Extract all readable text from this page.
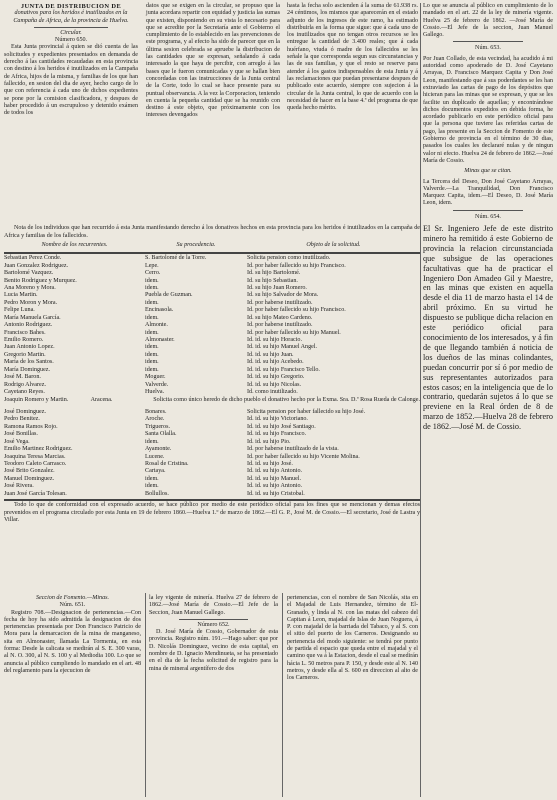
JUNTA DE DISTRIBUCION DE
donativos para los heridos é inutilizados en la Campaña de Africa, de la provincia de Huelva.
Circular.
Número 650.

Esta Junta provincial á quien se dió cuenta de las solicitudes y expedientes presentados en demanda de derecho á las cantidades recaudadas en esta provincia con destino á los heridos é inutilizados en la Campaña de Africa, hijos de la misma, y familias de los que han fallecido, en sesion del dia de ayer, hecho cargo de lo que con referencia á cada uno de dichos expedientes se pone por la comision clasificadora, y despues de haber procedido á un escrupuloso y detenido exámen de todos los

datos que se exigen en la circular, se propuso que la junta acordara repartir con equidad y justicia las sumas que existen, disponiendo en su vista lo necesario para que se acredite por la Secretaría ante el Gobierno el cumplimiento de lo establecido en las prevenciones de este programa, y al efecto ha sido de parecer que en la última sesion celebrada se apruebe la distribucion de las cantidades que se expresan, señalando á cada interesado la que haya de percibir, con arreglo á las bases que le fueron comunicadas y que se hallan bien concordadas con las instrucciones de la Junta central de la Corte, todo lo cual se hace presente para su puntual observancia. A la vez la Corporacion, teniendo en cuenta la pequeña cantidad que se ha reunido con destino á este objeto, que próximamente con los intereses devengados

hasta la fecha solo ascienden á la suma de 61.938 rs. 24 céntimos, los mismos que aparecerán en el estado adjunto de los ingresos de este ramo, ha estimado distribuirla en la forma que sigue: que á cada uno de los inutilizados que no tengan otros recursos se les entregue la cantidad de 3.400 reales; que á cada huérfano, viuda ó madre de los fallecidos se les señale la que corresponda segun sus circunstancias y las de sus familias, y que el resto se reserve para atender á los gastos indispensables de esta Junta y á las reclamaciones que puedan presentarse despues de publicado este acuerdo, siempre con sujecion á la circular de la Junta central, lo que de acuerdo con la necesidad de hacer en la base 4.ª del programa de que queda hecho mérito.

Nota de los individuos que han recurrido á esta Junta manifestando derecho á los donativos hechos en esta provincia para los heridos é inutilizados en la campaña de Africa y familias de los fallecidos.

Nombre de los recurrentes.	Su procedencia.	Objeto de la solicitud.
Sebastian Perez Conde.	S. Bartolomé de la Torre.	Solicita pension como inutilizado.
Juan Gonzalez Rodriguez.	Lepe.	Id. por haber fallecido su hijo Francisco.
Bartolomé Vazquez.	Cerro.	Id. su hijo Bartolomé.
Benito Rodriguez y Murquez.	idem.	Id. su hijo Sebastian.
Ana Moreno y Mora.	idem.	Id. su hijo Juan Romero.
Lucia Martin.	Puebla de Guzman.	Id. su hijo Salvador de Mora.
Pedro Moron y Mora.	idem.	Id. por haberse inutilizado.
Felipe Luna.	Encinasola.	Id. por haber fallecido su hijo Francisco.
María Manuela García.	idem.	Id. su hijo Mateo Cardeno.
Antonio Rodriguez.	Almonte.	Id. por haberse inutilizado.
Francisco Bahes.	idem.	Id. por haber fallecido su hijo Manuel.
Emilio Romero.	Almonaster.	Id. id. su hijo Horacio.
Juan Antonio Lopez.	idem.	Id. id. su hijo Manuel Angel.
Gregorio Martin.	idem.	Id. id. su hijo Juan.
María de los Santos.	idem.	Id. id. su hijo Acebedo.
María Dominguez.	idem.	Id. id. su hijo Francisco Tello.
José M. Baron.	Moguer.	Id. id. su hijo Gregorio.
Rodrigo Alvarez.	Valverde.	Id. id. su hijo Nicolas.
Cayetano Reyes.	Huelva.	Id. como inutilizado.
Joaquin Romero y Martin.	Aracena.	Solicita como único heredo de dicho pueblo el donativo hecho por la Exma. Sra. D.ª Rosa Rueda de Calonge.
José Dominguez.	Bonares.	Solicita pension por haber fallecido su hijo José.
Pedro Benitez.	Aroche.	Id. id. su hijo Victoriano.
Ramona Ramos Rojo.	Trigueros.	Id. id. su hijo José Santiago.
José Bonillas.	Santa Olalla.	Id. id. su hijo Francisco.
José Vega.	idem.	Id. id. su hijo Pio.
Emilio Martinez Rodriguez.	Ayamonte.	Id. por haberse inutilizado de la vista.
Joaquina Teresa Marcias.	Lucene.	Id. por haber fallecido su hijo Vicente Molina.
Teodoro Caleto Carrasco.	Rosal de Cristina.	Id. id. su hijo José.
José Brito Gonzalez.	Cartaya.	Id. id. su hijo Antonio.
Manuel Dominguez.	idem.	Id. id. su hijo Manuel.
José Rivera.	idem.	Id. id. su hijo Antonio.
Juan José García Tolesan.	Bollullos.	Id. id. su hijo Cristobal.

Todo lo que de conformidad con el expresado acuerdo, se hace público por medio de este periódico oficial para los fines que se mencionan y demas efectos prevenidos en el programa circulado por esta Junta en 19 de febrero 1860.—Huelva 1.º de marzo de 1862.—El G. P., José M. de Cossio.—El secretario, José de Lastra y Villar.

Seccion de Fomento.—Minas.
Núm. 651.

Registro 708.—Designacion de pertenencias.—Con fecha de hoy ha sido admitida la designacion de dos pertenencias presentada por Don Francisco Patricio de Mora para la demarcacion de la mina de manganeso, sita en Almonaster, llamada La Tormenta, en esta forma: Desde la calicata se medirán al S. E. 300 varas, al N. O. 300, al N. S. 100 y al Mediodia 100. Lo que se anuncia al público cumpliendo lo mandado en el art. 48 del reglamento para la ejecucion de

la ley vigente de minería. Huelva 27 de febrero de 1862.—José María de Cossio.—El Jefe de la Seccion, Juan Manuel Gallego.

Número 652.

D. José María de Cossio, Gobernador de esta provincia. Registro núm. 191.—Hago saber: que por D. Nicolás Dominguez, vecino de esta capital, en nombre de D. Ignacio Mendinueta, se ha presentado en el dia de la fecha solicitud de registro para la mina de mineral argentífero de dos

pertenencias, con el nombre de San Nicolás, sita en el Majadal de Luis Hernandez, término de El-Granado, y linda al N. con las matas del cabezo del Capitan á Leon, majadal de Islas de Juan Noguera, á P. con majadal de la barriada del Tabaco, y al S. con el sitio del puerto de los Carneros. Designando su pertenencia del modo siguiente: se tendrá por punto de partida el espacio que queda entre el majadal y el camino que va á la Estacion, desde el cual se medirán hácia L. 50 metros para P. 150, y desde este al N. 140 metros, y desde ella al S. 600 en direccion al alto de los Carneros.

Lo que se anuncia al público en cumplimiento de lo mandado en el art. 22 de la ley de minería vigente. Huelva 25 de febrero de 1862. —José María de Cossio.—El Jefe de la seccion, Juan Manuel Gallego.

Núm. 653.

Por Juan Collado, de esta vecindad, ha acudido á mi autoridad como apoderado de D. José Cayetano Arrayas, D. Francisco Marquez Capita y Don José Leon, manifestando que á sus poderdantes se les han extraviado las cartas de pago de los depósitos que hicieran para las minas que se expresan, y que se les facilite un duplicado de aquellas; y encontrándose dichos documentos expedidos en debida forma, he acordado publicarlo en este periódico oficial para que la persona que tuviere las referidas cartas de pago, las presente en la Seccion de Fomento de este Gobierno de provincia en el término de 30 dias, pasados los cuales les declararé nulas y de ningun valor ni efecto. Huelva 24 de febrero de 1862.—José María de Cossio.

Minas que se citan.

La Tercera del Deseo, Don José Cayetano Arrayas, Valverde.—La Tranquilidad, Don Francisco Marquez Capita, idem.—El Deseo, D. José María Leon, idem.

Núm. 654.

El Sr. Ingeniero Jefe de este distrito minero ha remitido á este Gobierno de provincia la relacion circunstanciada que subsigue de las operaciones facultativas que ha de practicar el Ingeniero Don Amadeo Gil y Maestre, en las minas que existen en aquella desde el dia 11 de marzo hasta el 14 de abril próximo. En su virtud he dispuesto se publique dicha relacion en este periódico oficial para conocimiento de los interesados, y á fin de que llegando también á noticia de los dueños de las minas colindantes, puedan concurrir por sí ó por medio de sus representantes autorizados para estos casos; en la inteligencia que de lo contrario, quedarán sujetos á lo que se previene en la Real órden de 8 de marzo de 1852.—Huelva 28 de febrero de 1862.—José M. de Cossio.
